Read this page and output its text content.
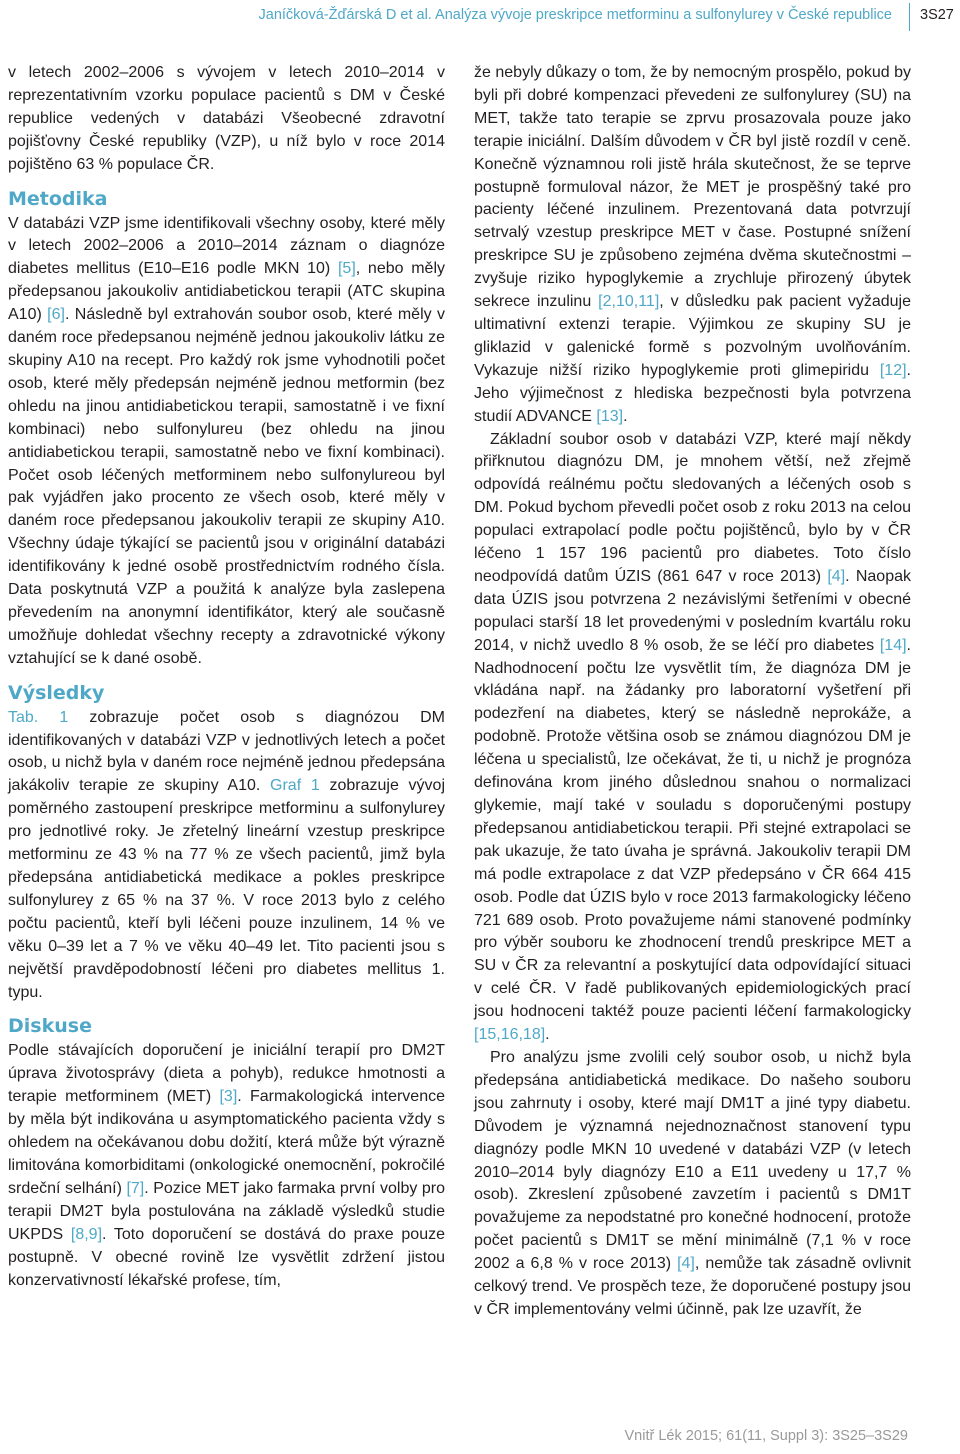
Janíčková-Žďárská D et al. Analýza vývoje preskripce metforminu a sulfonylurey v České republice 3S27

v letech 2002–2006 s vývojem v letech 2010–2014 v reprezentativním vzorku populace pacientů s DM v České republice vedených v databázi Všeobecné zdravotní pojišťovny České republiky (VZP), u níž bylo v roce 2014 pojištěno 63 % populace ČR.

Metodika

V databázi VZP jsme identifikovali všechny osoby, které měly v letech 2002–2006 a 2010–2014 záznam o diagnóze diabetes mellitus (E10–E16 podle MKN 10) [5], nebo měly předepsanou jakoukoliv antidiabetickou terapii (ATC skupina A10) [6]. Následně byl extrahován soubor osob, které měly v daném roce předepsanou nejméně jednou jakoukoliv látku ze skupiny A10 na recept. Pro každý rok jsme vyhodnotili počet osob, které měly předepsán nejméně jednou metformin (bez ohledu na jinou antidiabetickou terapii, samostatně i ve fixní kombinaci) nebo sulfonylureu (bez ohledu na jinou antidiabetickou terapii, samostatně nebo ve fixní kombinaci). Počet osob léčených metforminem nebo sulfonylureou byl pak vyjádřen jako procento ze všech osob, které měly v daném roce předepsanou jakoukoliv terapii ze skupiny A10. Všechny údaje týkající se pacientů jsou v originální databázi identifikovány k jedné osobě prostřednictvím rodného čísla. Data poskytnutá VZP a použitá k analýze byla zaslepena převedením na anonymní identifikátor, který ale současně umožňuje dohledat všechny recepty a zdravotnické výkony vztahující se k dané osobě.

Výsledky

Tab. 1 zobrazuje počet osob s diagnózou DM identifikovaných v databázi VZP v jednotlivých letech a počet osob, u nichž byla v daném roce nejméně jednou předepsána jakákoliv terapie ze skupiny A10. Graf 1 zobrazuje vývoj poměrného zastoupení preskripce metforminu a sulfonylurey pro jednotlivé roky. Je zřetelný lineární vzestup preskripce metforminu ze 43 % na 77 % ze všech pacientů, jimž byla předepsána antidiabetická medikace a pokles preskripce sulfonylurey z 65 % na 37 %. V roce 2013 bylo z celého počtu pacientů, kteří byli léčeni pouze inzulinem, 14 % ve věku 0–39 let a 7 % ve věku 40–49 let. Tito pacienti jsou s největší pravděpodobností léčeni pro diabetes mellitus 1. typu.

Diskuse

Podle stávajících doporučení je iniciální terapií pro DM2T úprava životosprávy (dieta a pohyb), redukce hmotnosti a terapie metforminem (MET) [3]. Farmakologická intervence by měla být indikována u asymptomatického pacienta vždy s ohledem na očekávanou dobu dožití, která může být výrazně limitována komorbiditami (onkologické onemocnění, pokročilé srdeční selhání) [7]. Pozice MET jako farmaka první volby pro terapii DM2T byla postulována na základě výsledků studie UKPDS [8,9]. Toto doporučení se dostává do praxe pouze postupně. V obecné rovině lze vysvětlit zdržení jistou konzervativností lékařské profese, tím,

že nebyly důkazy o tom, že by nemocným prospělo, pokud by byli při dobré kompenzaci převedeni ze sulfonylurey (SU) na MET, takže tato terapie se zprvu prosazovala pouze jako terapie iniciální. Dalším důvodem v ČR byl jistě rozdíl v ceně. Konečně významnou roli jistě hrála skutečnost, že se teprve postupně formuloval názor, že MET je prospěšný také pro pacienty léčené inzulinem. Prezentovaná data potvrzují setrvalý vzestup preskripce MET v čase. Postupné snížení preskripce SU je způsobeno zejména dvěma skutečnostmi – zvyšuje riziko hypoglykemie a zrychluje přirozený úbytek sekrece inzulinu [2,10,11], v důsledku pak pacient vyžaduje ultimativní extenzi terapie. Výjimkou ze skupiny SU je gliklazid v galenické formě s pozvolným uvolňováním. Vykazuje nižší riziko hypoglykemie proti glimepiridu [12]. Jeho výjimečnost z hlediska bezpečnosti byla potvrzena studií ADVANCE [13].

Základní soubor osob v databázi VZP, které mají někdy přiřknutou diagnózu DM, je mnohem větší, než zřejmě odpovídá reálnému počtu sledovaných a léčených osob s DM. Pokud bychom převedli počet osob z roku 2013 na celou populaci extrapolací podle počtu pojištěnců, bylo by v ČR léčeno 1 157 196 pacientů pro diabetes. Toto číslo neodpovídá datům ÚZIS (861 647 v roce 2013) [4]. Naopak data ÚZIS jsou potvrzena 2 nezávislými šetřeními v obecné populaci starší 18 let provedenými v posledním kvartálu roku 2014, v nichž uvedlo 8 % osob, že se léčí pro diabetes [14]. Nadhodnocení počtu lze vysvětlit tím, že diagnóza DM je vkládána např. na žádanky pro laboratorní vyšetření při podezření na diabetes, který se následně neprokáže, a podobně. Protože většina osob se známou diagnózou DM je léčena u specialistů, lze očekávat, že ti, u nichž je prognóza definována krom jiného důslednou snahou o normalizaci glykemie, mají také v souladu s doporučenými postupy předepsanou antidiabetickou terapii. Při stejné extrapolaci se pak ukazuje, že tato úvaha je správná. Jakoukoliv terapii DM má podle extrapolace z dat VZP předepsáno v ČR 664 415 osob. Podle dat ÚZIS bylo v roce 2013 farmakologicky léčeno 721 689 osob. Proto považujeme námi stanovené podmínky pro výběr souboru ke zhodnocení trendů preskripce MET a SU v ČR za relevantní a poskytující data odpovídající situaci v celé ČR. V řadě publikovaných epidemiologických prací jsou hodnoceni taktéž pouze pacienti léčení farmakologicky [15,16,18].

Pro analýzu jsme zvolili celý soubor osob, u nichž byla předepsána antidiabetická medikace. Do našeho souboru jsou zahrnuty i osoby, které mají DM1T a jiné typy diabetu. Důvodem je významná nejednoznačnost stanovení typu diagnózy podle MKN 10 uvedené v databázi VZP (v letech 2010–2014 byly diagnózy E10 a E11 uvedeny u 17,7 % osob). Zkreslení způsobené zavzetím i pacientů s DM1T považujeme za nepodstatné pro konečné hodnocení, protože počet pacientů s DM1T se mění minimálně (7,1 % v roce 2002 a 6,8 % v roce 2013) [4], nemůže tak zásadně ovlivnit celkový trend. Ve prospěch teze, že doporučené postupy jsou v ČR implementovány velmi účinně, pak lze uzavřít, že

Vnitř Lék 2015; 61(11, Suppl 3): 3S25–3S29
